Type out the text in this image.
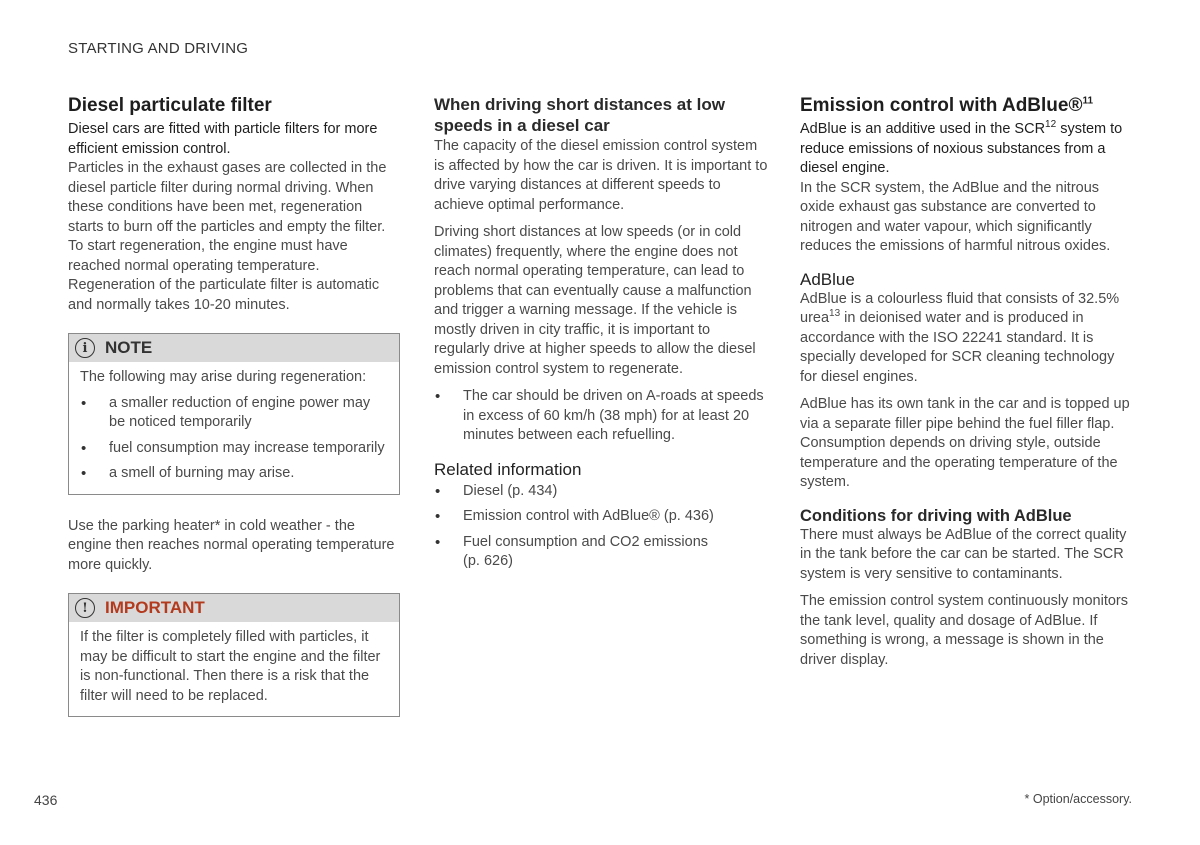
STARTING AND DRIVING
Diesel particulate filter

Diesel cars are fitted with particle filters for more efficient emission control.

Particles in the exhaust gases are collected in the diesel particle filter during normal driving. When these conditions have been met, regeneration starts to burn off the particles and empty the filter. To start regeneration, the engine must have reached normal operating temperature. Regeneration of the particulate filter is automatic and normally takes 10-20 minutes.

i	NOTE

The following may arise during regeneration:

• a smaller reduction of engine power may be noticed temporarily
• fuel consumption may increase temporarily
• a smell of burning may arise.

Use the parking heater* in cold weather - the engine then reaches normal operating temperature more quickly.

!	IMPORTANT

If the filter is completely filled with particles, it may be difficult to start the engine and the filter is non-functional. Then there is a risk that the filter will need to be replaced.

When driving short distances at low speeds in a diesel car

The capacity of the diesel emission control system is affected by how the car is driven. It is important to drive varying distances at different speeds to achieve optimal performance.

Driving short distances at low speeds (or in cold climates) frequently, where the engine does not reach normal operating temperature, can lead to problems that can eventually cause a malfunction and trigger a warning message. If the vehicle is mostly driven in city traffic, it is important to regularly drive at higher speeds to allow the diesel emission control system to regenerate.

• The car should be driven on A-roads at speeds in excess of 60 km/h (38 mph) for at least 20 minutes between each refuelling.
Related information
• Diesel (p. 434)
• Emission control with AdBlue® (p. 436)
• Fuel consumption and CO2 emissions (p. 626)
Emission control with AdBlue®$^{11}$

AdBlue is an additive used in the SCR$^{12}$ system to reduce emissions of noxious substances from a diesel engine.

In the SCR system, the AdBlue and the nitrous oxide exhaust gas substance are converted to nitrogen and water vapour, which significantly reduces the emissions of harmful nitrous oxides.

AdBlue

AdBlue is a colourless fluid that consists of 32.5% urea$^{13}$ in deionised water and is produced in accordance with the ISO 22241 standard. It is specially developed for SCR cleaning technology for diesel engines.

AdBlue has its own tank in the car and is topped up via a separate filler pipe behind the fuel filler flap. Consumption depends on driving style, outside temperature and the operating temperature of the system.

Conditions for driving with AdBlue

There must always be AdBlue of the correct quality in the tank before the car can be started. The SCR system is very sensitive to contaminants.

The emission control system continuously monitors the tank level, quality and dosage of AdBlue. If something is wrong, a message is shown in the driver display.

436	* Option/accessory.
